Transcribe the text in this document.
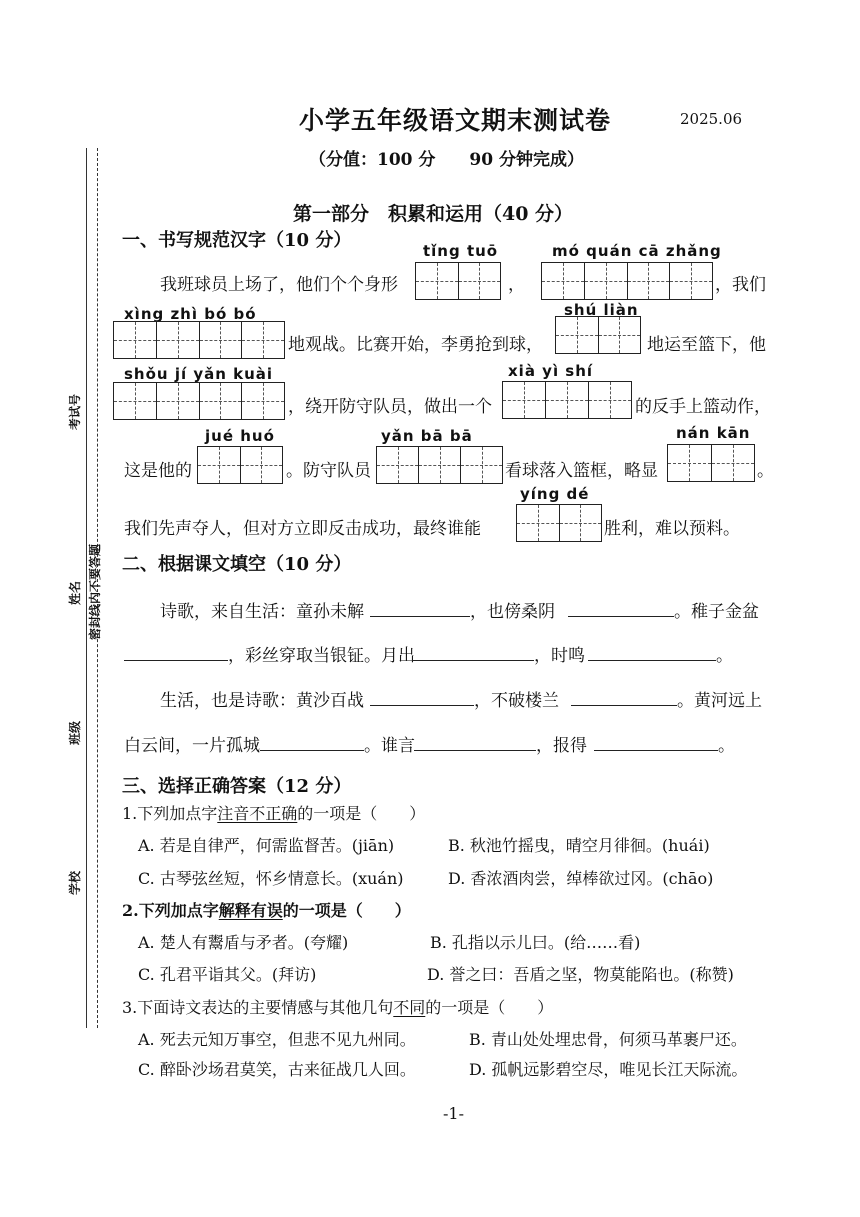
考试号
姓名 密封线内不要答题
班级
学校
小学五年级语文期末测试卷	2025.06
（分值：100 分　　90 分钟完成）
第一部分　积累和运用（40 分）
一、书写规范汉字（10 分）	tǐng tuō	mó quán cā zhǎng
我班球员上场了，他们个个身形	，	，我们
xìng zhì bó bó	shú liàn
地观战。比赛开始，李勇抢到球，	地运至篮下，他
shǒu jí yǎn kuài	xià yì shí
，绕开防守队员，做出一个	的反手上篮动作，
jué huó	yǎn bā bā	nán kān
这是他的	。防守队员	看球落入篮框，略显	。
yíng dé
我们先声夺人，但对方立即反击成功，最终谁能	胜利，难以预料。
二、根据课文填空（10 分）
诗歌，来自生活：童孙未解	，也傍桑阴	。稚子金盆
，彩丝穿取当银钲。月出	，时鸣	。
生活，也是诗歌：黄沙百战	，不破楼兰	。黄河远上
白云间，一片孤城	。谁言	，报得	。
三、选择正确答案（12 分）
1.下列加点字注音不正确的一项是（　　）
A. 若是自律严，何需监督苦。(jiān)	B. 秋池竹摇曳，晴空月徘徊。(huái)
C. 古琴弦丝短，怀乡情意长。(xuán)	D. 香浓酒肉尝，绰棒欲过冈。(chāo)
2.下列加点字解释有误的一项是（　　）
A. 楚人有鬻盾与矛者。(夸耀)	B. 孔指以示儿曰。(给……看)
C. 孔君平诣其父。(拜访)	D. 誉之曰：吾盾之坚，物莫能陷也。(称赞)
3.下面诗文表达的主要情感与其他几句不同的一项是（　　）
A. 死去元知万事空，但悲不见九州同。	B. 青山处处埋忠骨，何须马革裹尸还。
C. 醉卧沙场君莫笑，古来征战几人回。	D. 孤帆远影碧空尽，唯见长江天际流。
-1-
